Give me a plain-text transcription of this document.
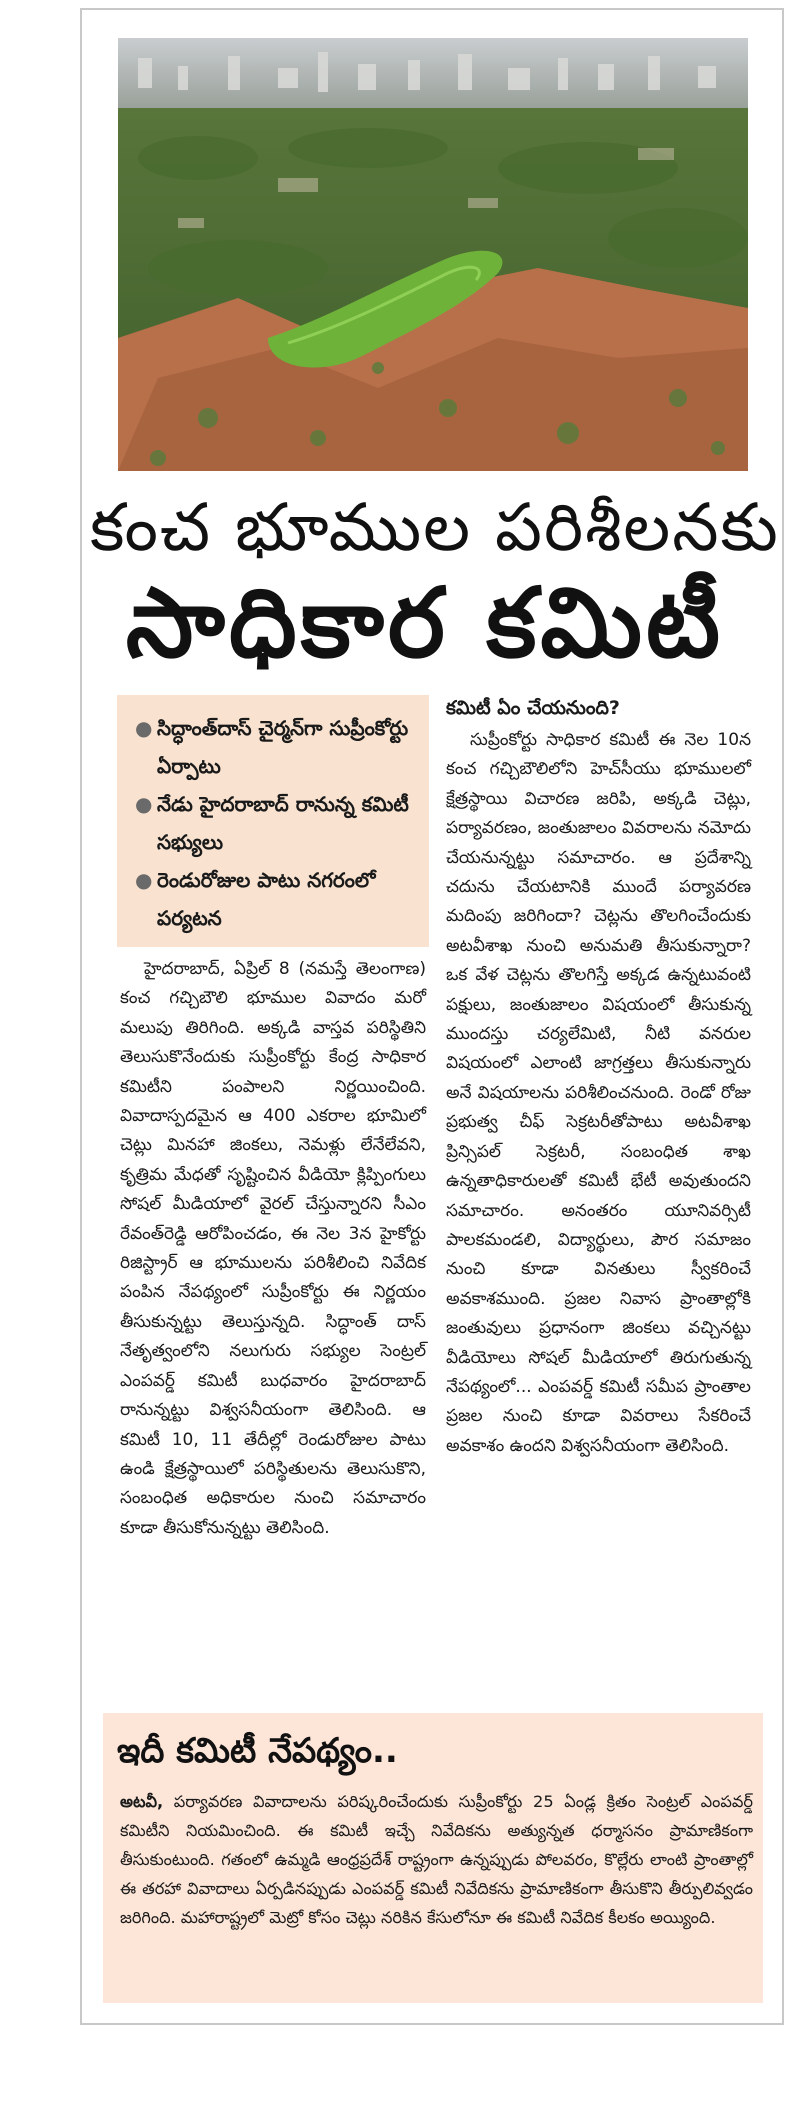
కంచ భూముల పరిశీలనకు
సాధికార కమిటీ
● సిద్ధాంత్‌దాస్ చైర్మన్‌గా సుప్రీంకోర్టు ఏర్పాటు
● నేడు హైదరాబాద్ రానున్న కమిటీ సభ్యులు
● రెండురోజుల పాటు నగరంలో పర్యటన

హైదరాబాద్, ఏప్రిల్ 8 (నమస్తే తెలంగాణ) కంచ గచ్చిబౌలి భూముల వివాదం మరో మలుపు తిరిగింది. అక్కడి వాస్తవ పరిస్థితిని తెలుసుకొనేందుకు సుప్రీంకోర్టు కేంద్ర సాధికార కమిటీని పంపాలని నిర్ణయించింది. వివాదాస్పదమైన ఆ 400 ఎకరాల భూమిలో చెట్లు మినహా జింకలు, నెమళ్లు లేనేలేవని, కృత్రిమ మేధతో సృష్టించిన వీడియో క్లిప్పింగులు సోషల్ మీడియాలో వైరల్ చేస్తున్నారని సీఎం రేవంత్‌రెడ్డి ఆరోపించడం, ఈ నెల 3న హైకోర్టు రిజిస్ట్రార్ ఆ భూములను పరిశీలించి నివేదిక పంపిన నేపథ్యంలో సుప్రీంకోర్టు ఈ నిర్ణయం తీసుకున్నట్టు తెలుస్తున్నది. సిద్ధాంత్ దాస్ నేతృత్వంలోని నలుగురు సభ్యుల సెంట్రల్ ఎంపవర్డ్ కమిటీ బుధవారం హైదరాబాద్ రానున్నట్టు విశ్వసనీయంగా తెలిసింది. ఆ కమిటీ 10, 11 తేదీల్లో రెండురోజుల పాటు ఉండి క్షేత్రస్థాయిలో పరిస్థితులను తెలుసుకొని, సంబంధిత అధికారుల నుంచి సమాచారం కూడా తీసుకోనున్నట్టు తెలిసింది.

కమిటీ ఏం చేయనుంది?

సుప్రీంకోర్టు సాధికార కమిటీ ఈ నెల 10న కంచ గచ్చిబౌలిలోని హెచ్‌సీయు భూములలో క్షేత్రస్థాయి విచారణ జరిపి, అక్కడి చెట్లు, పర్యావరణం, జంతుజాలం వివరాలను నమోదు చేయనున్నట్టు సమాచారం. ఆ ప్రదేశాన్ని చదును చేయటానికి ముందే పర్యావరణ మదింపు జరిగిందా? చెట్లను తొలగించేందుకు అటవీశాఖ నుంచి అనుమతి తీసుకున్నారా? ఒక వేళ చెట్లను తొలగిస్తే అక్కడ ఉన్నటువంటి పక్షులు, జంతుజాలం విషయంలో తీసుకున్న ముందస్తు చర్యలేమిటి, నీటి వనరుల విషయంలో ఎలాంటి జాగ్రత్తలు తీసుకున్నారు అనే విషయాలను పరిశీలించనుంది. రెండో రోజు ప్రభుత్వ చీఫ్ సెక్రటరీతోపాటు అటవీశాఖ ప్రిన్సిపల్ సెక్రటరీ, సంబంధిత శాఖ ఉన్నతాధికారులతో కమిటీ భేటీ అవుతుందని సమాచారం. అనంతరం యూనివర్సిటీ పాలకమండలి, విద్యార్థులు, పౌర సమాజం నుంచి కూడా వినతులు స్వీకరించే అవకాశముంది. ప్రజల నివాస ప్రాంతాల్లోకి జంతువులు ప్రధానంగా జింకలు వచ్చినట్టు వీడియోలు సోషల్ మీడియాలో తిరుగుతున్న నేపథ్యంలో... ఎంపవర్డ్ కమిటీ సమీప ప్రాంతాల ప్రజల నుంచి కూడా వివరాలు సేకరించే అవకాశం ఉందని విశ్వసనీయంగా తెలిసింది.

ఇదీ కమిటీ నేపథ్యం..
అటవీ, పర్యావరణ వివాదాలను పరిష్కరించేందుకు సుప్రీంకోర్టు 25 ఏండ్ల క్రితం సెంట్రల్ ఎంపవర్డ్ కమిటీని నియమించింది. ఈ కమిటీ ఇచ్చే నివేదికను అత్యున్నత ధర్మాసనం ప్రామాణికంగా తీసుకుంటుంది. గతంలో ఉమ్మడి ఆంధ్రప్రదేశ్ రాష్ట్రంగా ఉన్నప్పుడు పోలవరం, కొల్లేరు లాంటి ప్రాంతాల్లో ఈ తరహా వివాదాలు ఏర్పడినప్పుడు ఎంపవర్డ్ కమిటీ నివేదికను ప్రామాణికంగా తీసుకొని తీర్పులివ్వడం జరిగింది. మహారాష్ట్రలో మెట్రో కోసం చెట్లు నరికిన కేసులోనూ ఈ కమిటీ నివేదిక కీలకం అయ్యింది.
